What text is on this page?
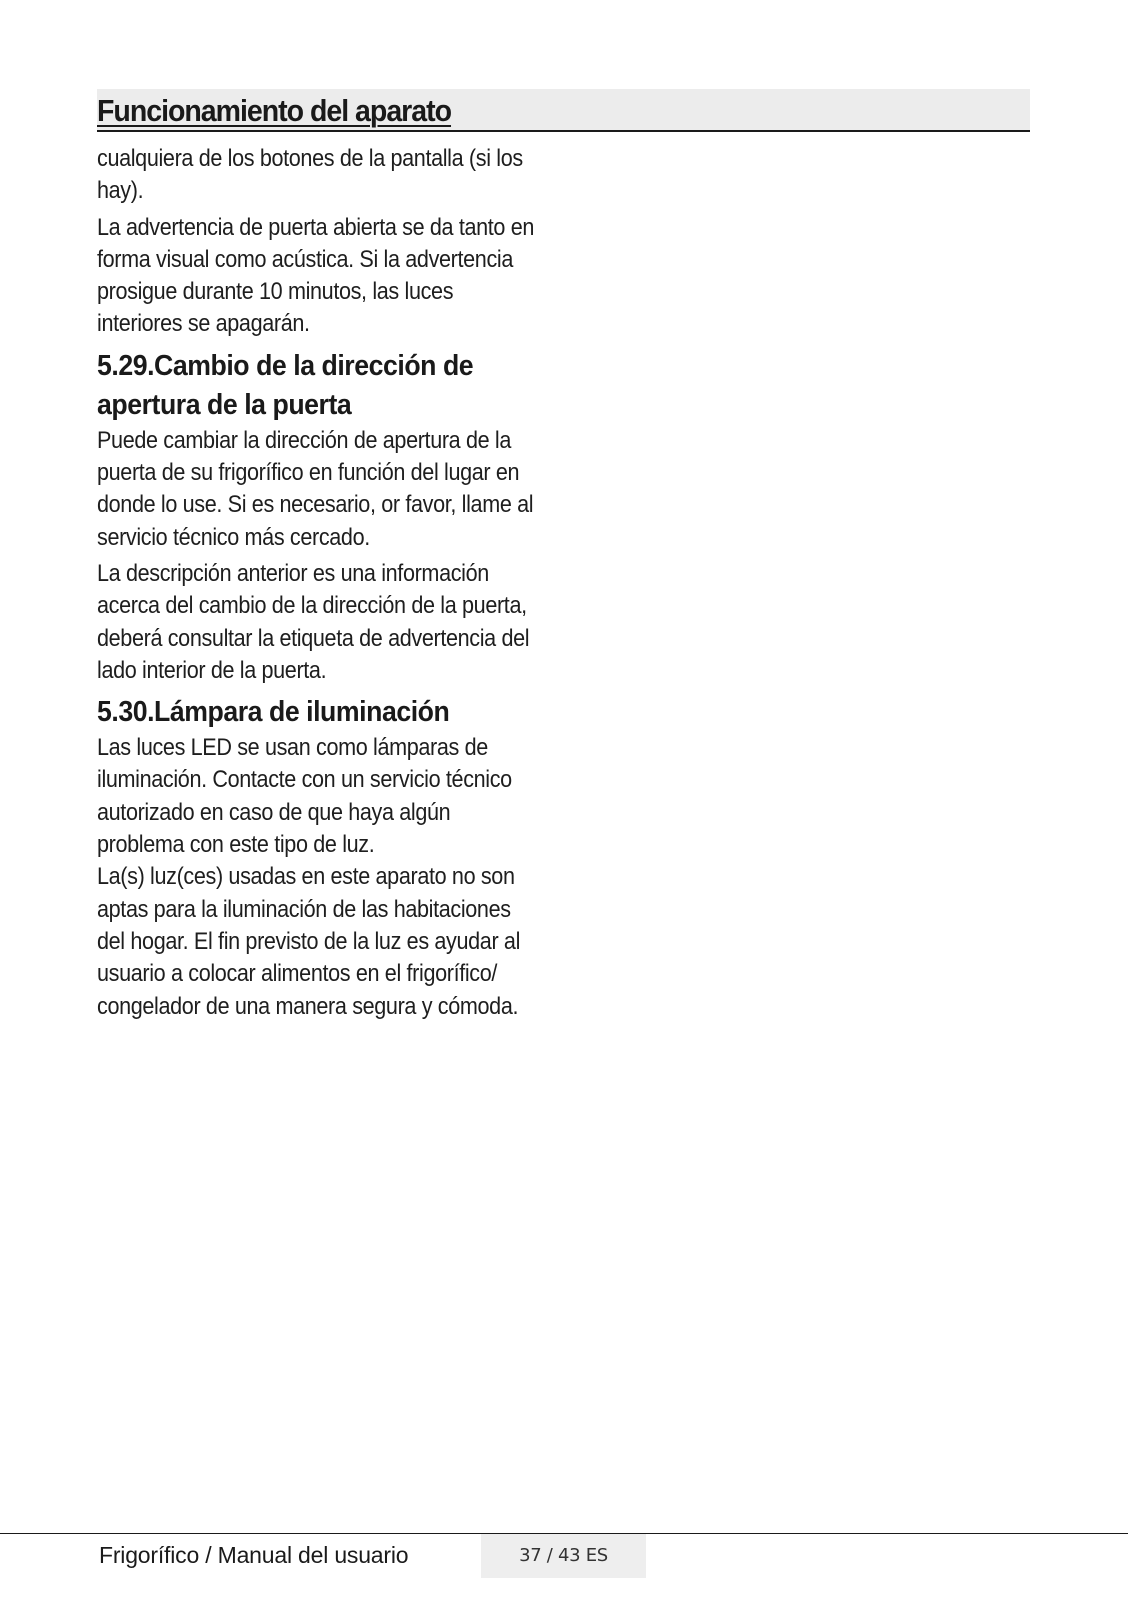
Funcionamiento del aparato
cualquiera de los botones de la pantalla (si los
hay).
La advertencia de puerta abierta se da tanto en
forma visual como acústica. Si la advertencia
prosigue durante 10 minutos, las luces
interiores se apagarán.
5.29.Cambio de la dirección de
apertura de la puerta
Puede cambiar la dirección de apertura de la
puerta de su frigorífico en función del lugar en
donde lo use. Si es necesario, or favor, llame al
servicio técnico más cercado.
La descripción anterior es una información
acerca del cambio de la dirección de la puerta,
deberá consultar la etiqueta de advertencia del
lado interior de la puerta.
5.30.Lámpara de iluminación
Las luces LED se usan como lámparas de
iluminación. Contacte con un servicio técnico
autorizado en caso de que haya algún
problema con este tipo de luz.
La(s) luz(ces) usadas en este aparato no son
aptas para la iluminación de las habitaciones
del hogar. El fin previsto de la luz es ayudar al
usuario a colocar alimentos en el frigorífico/
congelador de una manera segura y cómoda.
Frigorífico / Manual del usuario	37 / 43 ES
